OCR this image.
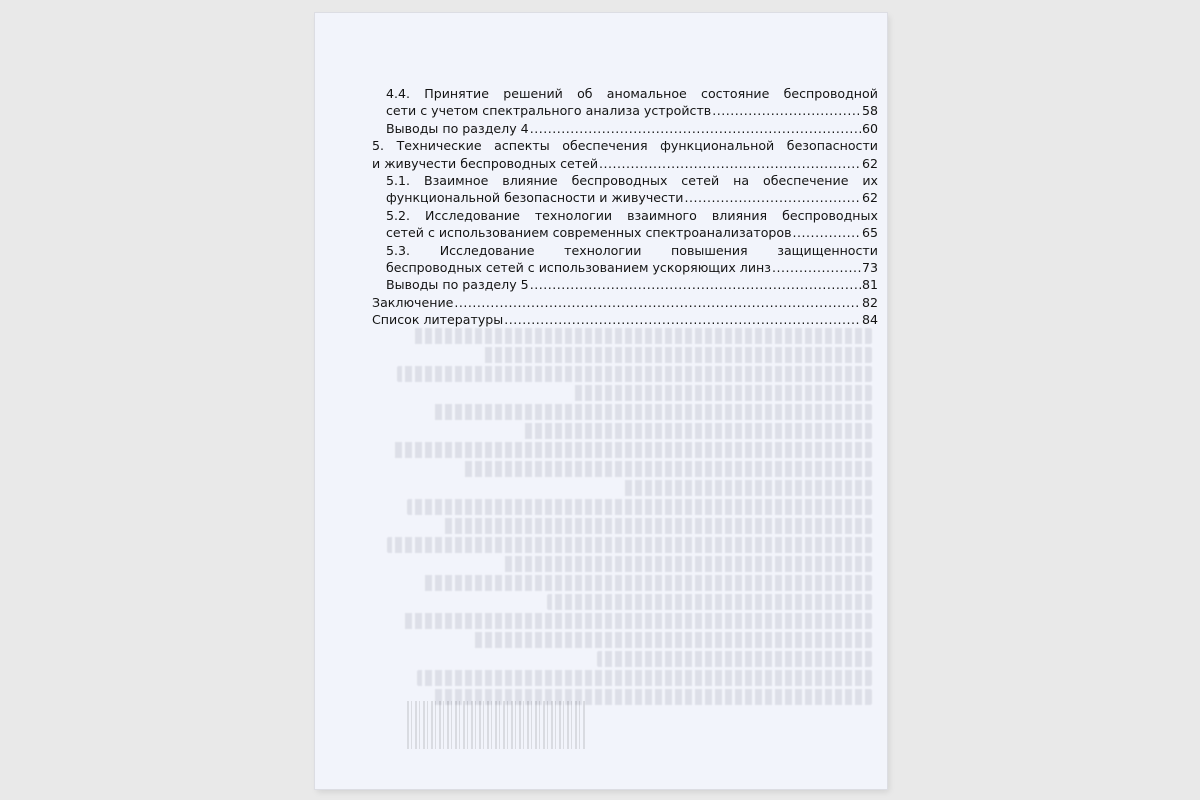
4.4. Принятие решений об аномальное состояние беспроводной
сети с учетом спектрального анализа устройств .....	58
Выводы по разделу 4 .....	60
5. Технические аспекты обеспечения функциональной безопасности
и живучести беспроводных сетей .....	62
5.1. Взаимное влияние беспроводных сетей на обеспечение их
функциональной безопасности и живучести .....	62
5.2. Исследование технологии взаимного влияния беспроводных
сетей с использованием современных спектроанализаторов .....	65
5.3. Исследование технологии повышения защищенности
беспроводных сетей с использованием ускоряющих линз .....	73
Выводы по разделу 5 .....	81
Заключение .....	82
Список литературы .....	84
